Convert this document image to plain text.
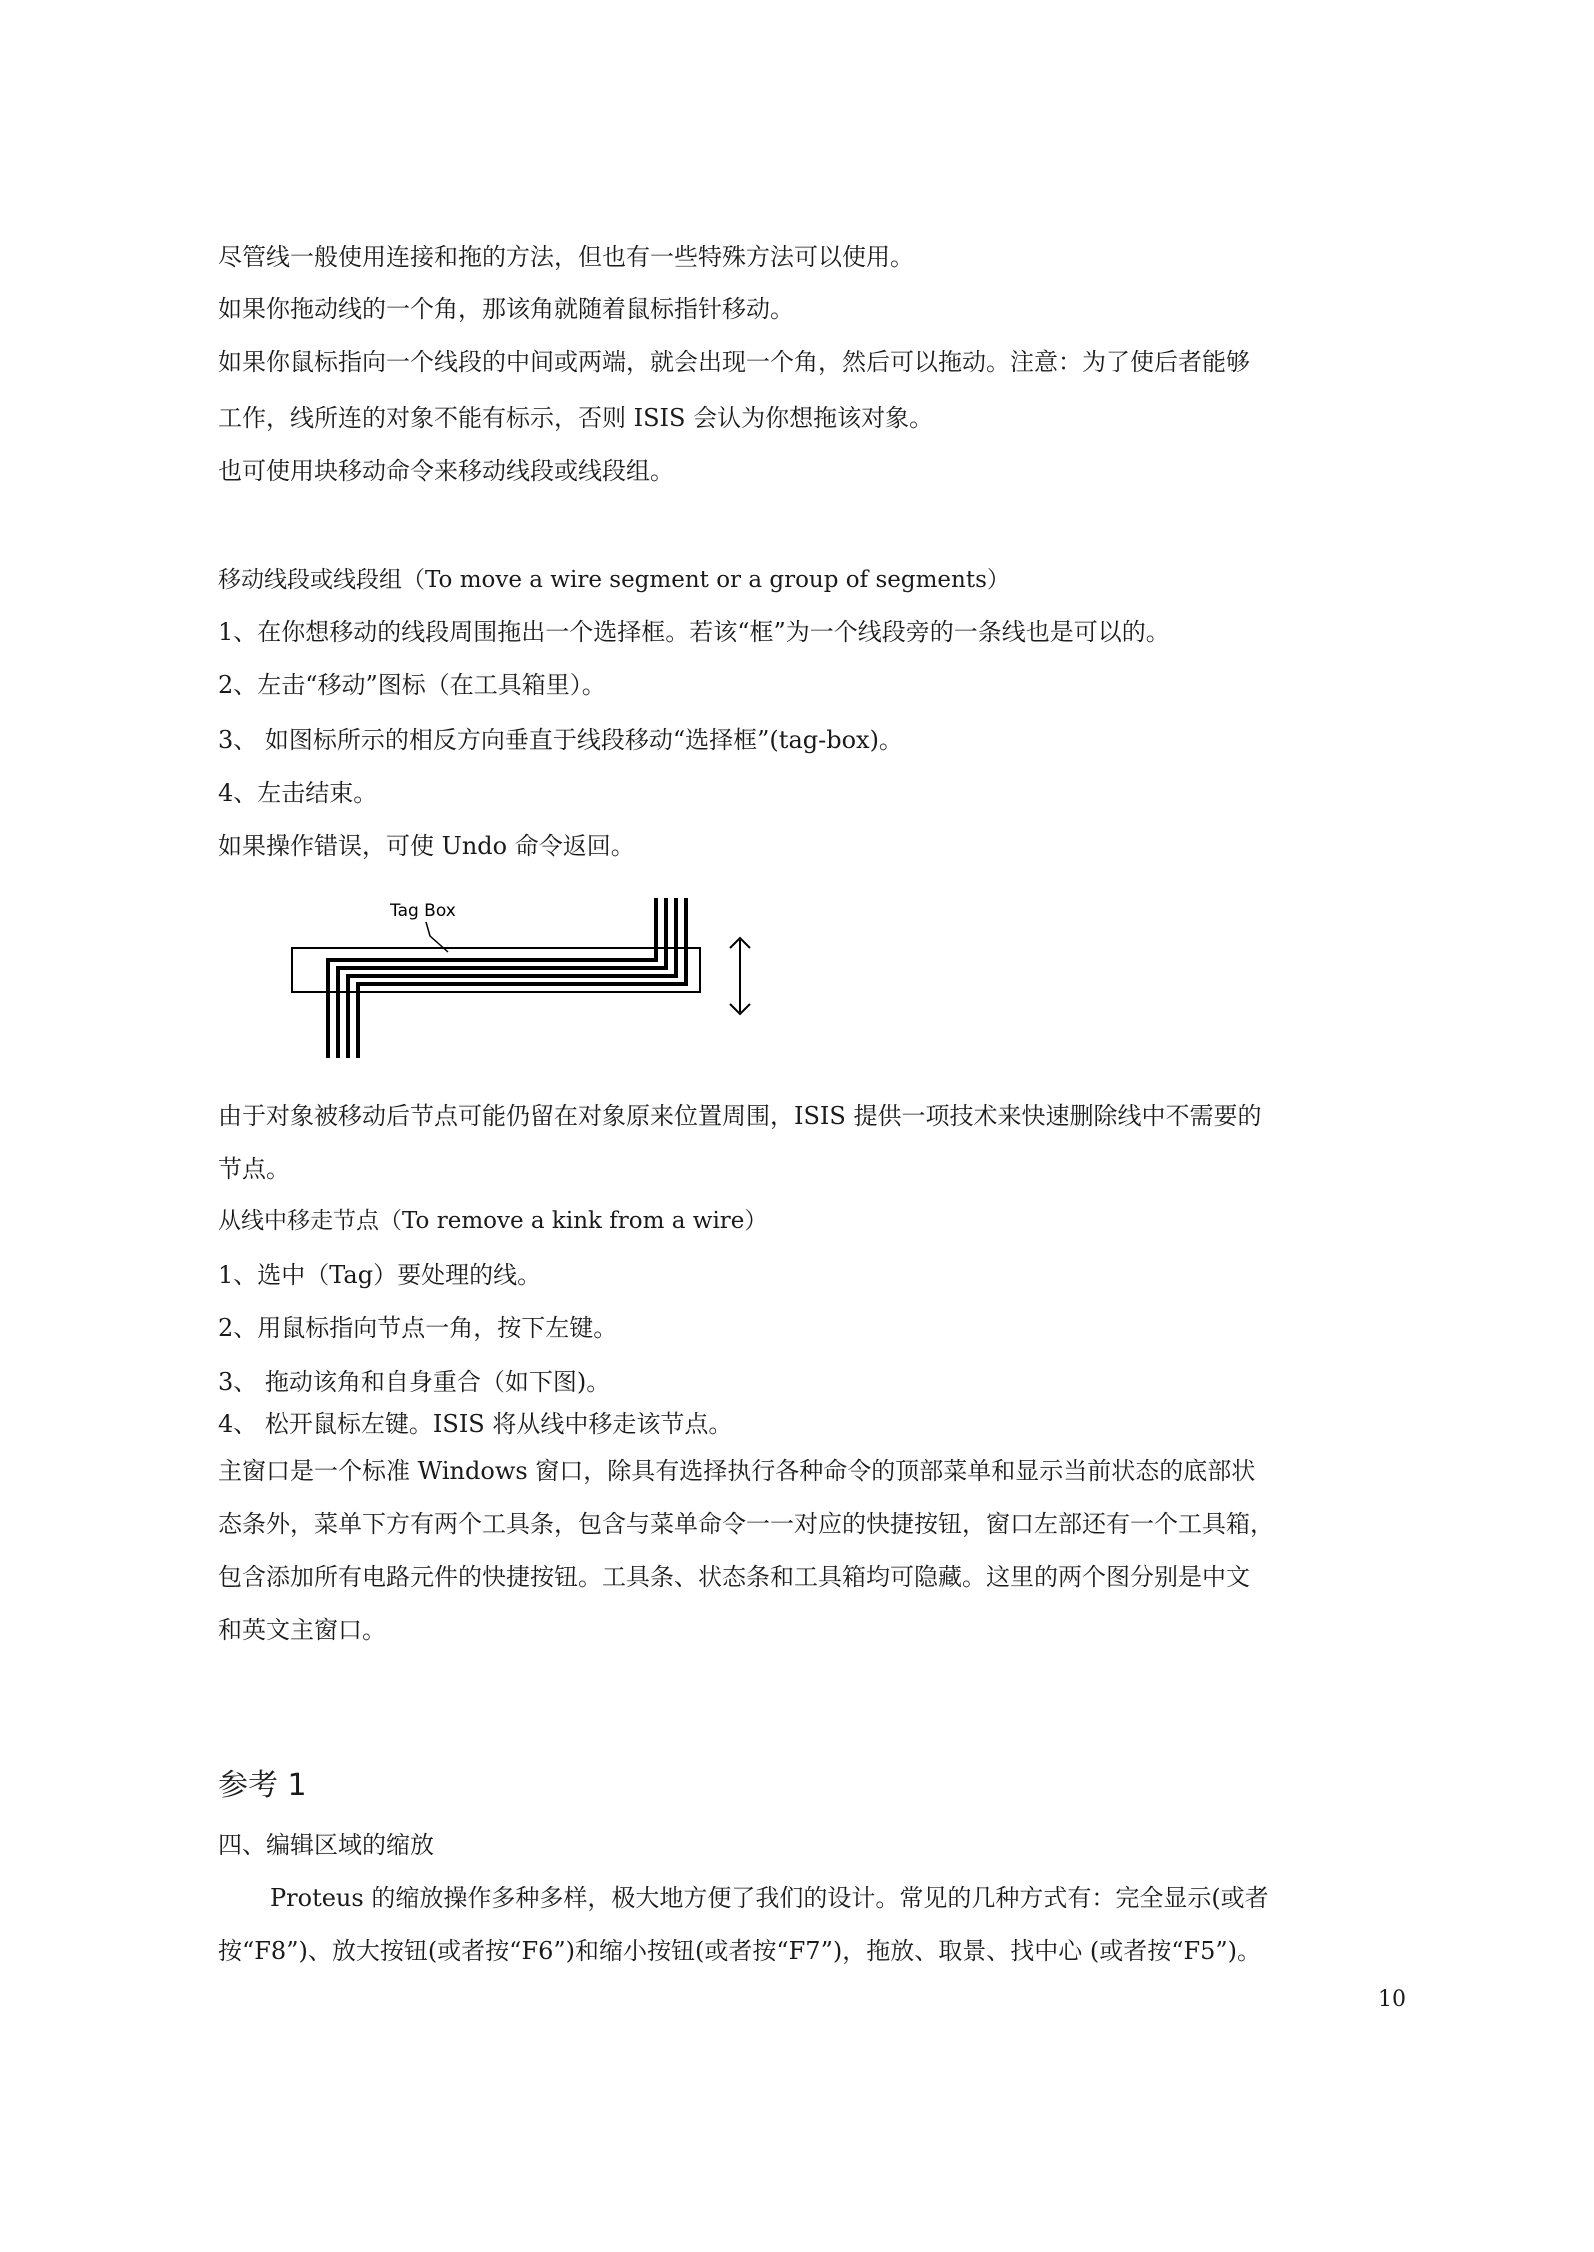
尽管线一般使用连接和拖的方法，但也有一些特殊方法可以使用。
如果你拖动线的一个角，那该角就随着鼠标指针移动。
如果你鼠标指向一个线段的中间或两端，就会出现一个角，然后可以拖动。注意：为了使后者能够
工作，线所连的对象不能有标示，否则 ISIS 会认为你想拖该对象。
也可使用块移动命令来移动线段或线段组。
移动线段或线段组（To move a wire segment or a group of segments）
1、在你想移动的线段周围拖出一个选择框。若该“框”为一个线段旁的一条线也是可以的。
2、左击“移动”图标（在工具箱里）。
3、 如图标所示的相反方向垂直于线段移动“选择框”(tag-box)。
4、左击结束。
如果操作错误，可使 Undo 命令返回。
Tag Box
由于对象被移动后节点可能仍留在对象原来位置周围，ISIS 提供一项技术来快速删除线中不需要的
节点。
从线中移走节点（To remove a kink from a wire）
1、选中（Tag）要处理的线。
2、用鼠标指向节点一角，按下左键。
3、 拖动该角和自身重合（如下图)。
4、 松开鼠标左键。ISIS 将从线中移走该节点。
主窗口是一个标准 Windows 窗口，除具有选择执行各种命令的顶部菜单和显示当前状态的底部状
态条外，菜单下方有两个工具条，包含与菜单命令一一对应的快捷按钮，窗口左部还有一个工具箱，
包含添加所有电路元件的快捷按钮。工具条、状态条和工具箱均可隐藏。这里的两个图分别是中文
和英文主窗口。
参考 1
四、编辑区域的缩放
Proteus 的缩放操作多种多样，极大地方便了我们的设计。常见的几种方式有：完全显示(或者
按“F8”)、放大按钮(或者按“F6”)和缩小按钮(或者按“F7”)，拖放、取景、找中心 (或者按“F5”)。
10
